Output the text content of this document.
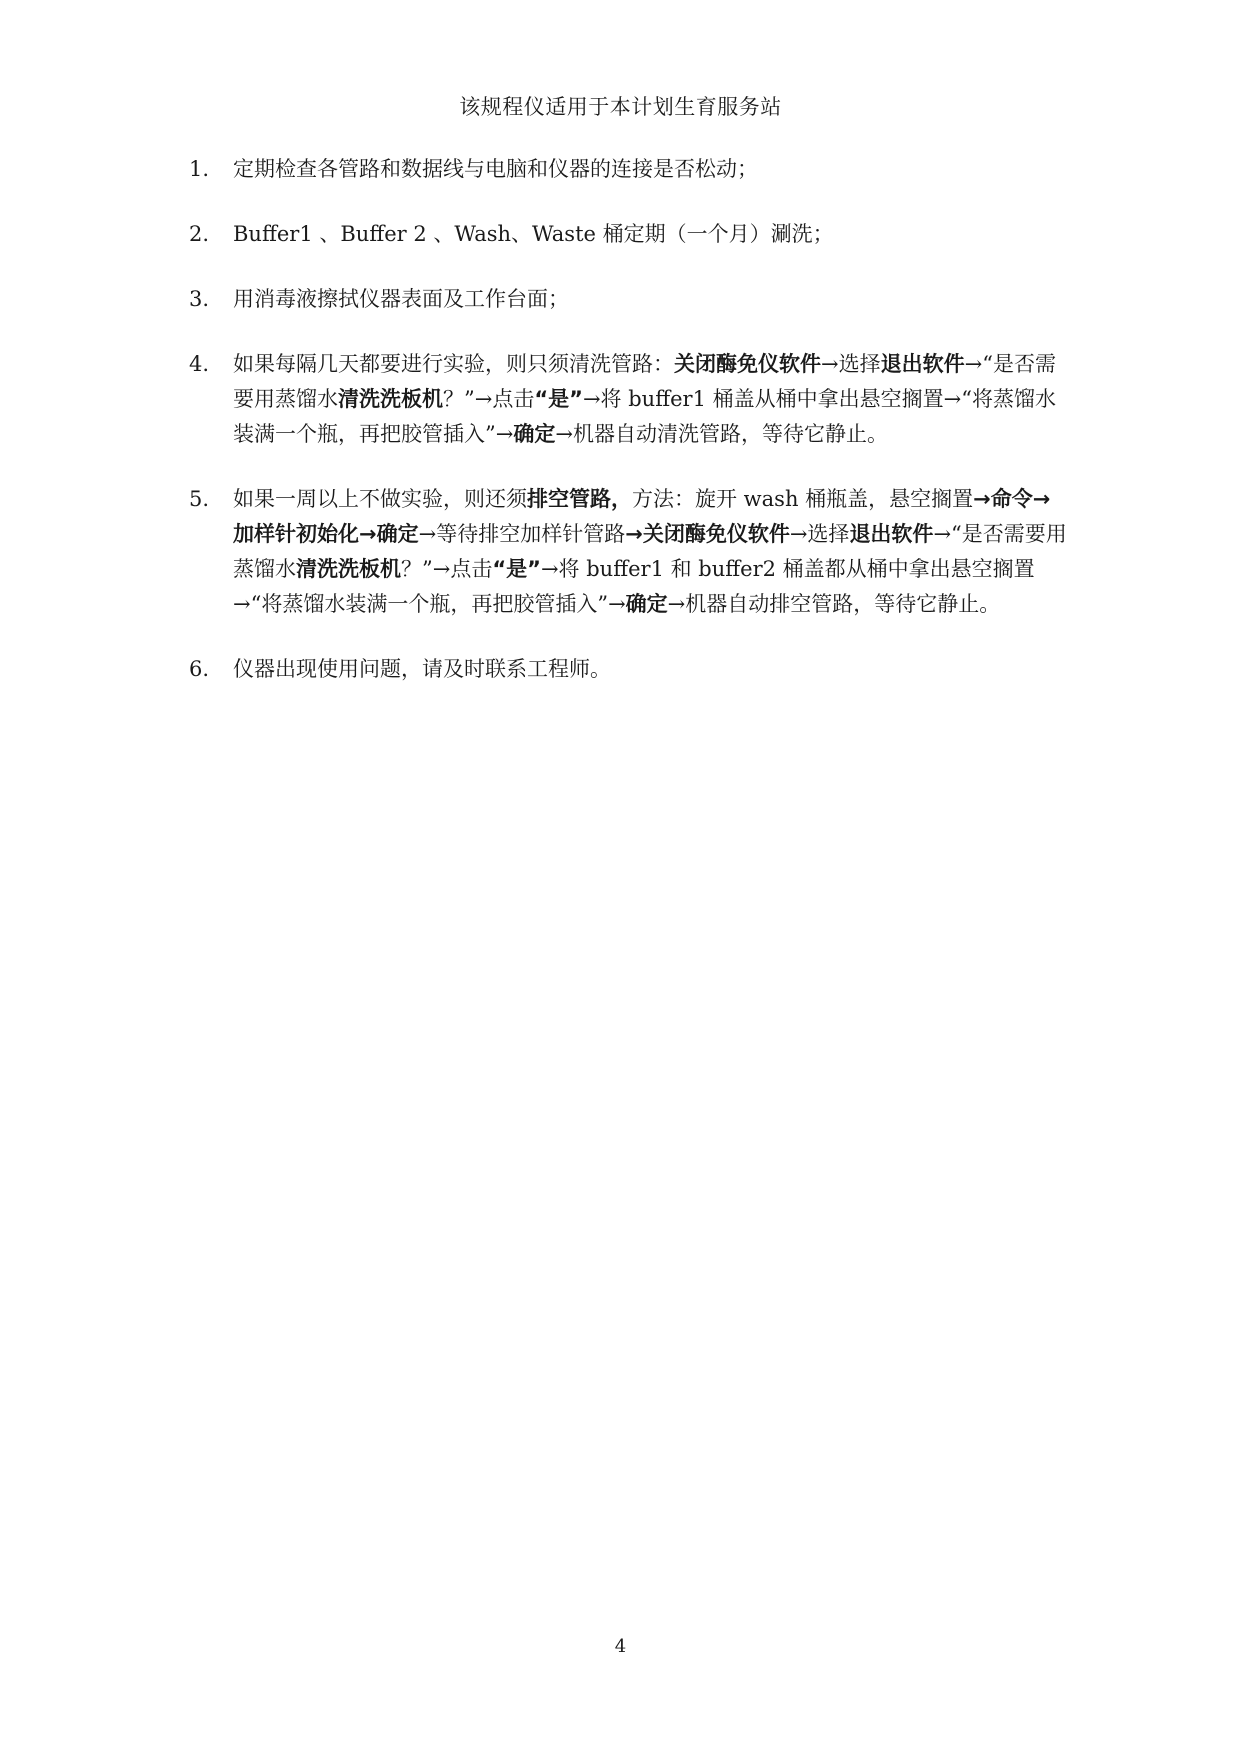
该规程仪适用于本计划生育服务站
1. 定期检查各管路和数据线与电脑和仪器的连接是否松动；
2. Buffer1 、Buffer 2 、Wash、Waste 桶定期（一个月）涮洗；
3. 用消毒液擦拭仪器表面及工作台面；
4. 如果每隔几天都要进行实验，则只须清洗管路：关闭酶免仪软件→选择退出软件→“是否需要用蒸馏水清洗洗板机？”→点击“是”→将 buffer1 桶盖从桶中拿出悬空搁置→“将蒸馏水装满一个瓶，再把胶管插入”→确定→机器自动清洗管路，等待它静止。
5. 如果一周以上不做实验，则还须排空管路，方法：旋开 wash 桶瓶盖，悬空搁置→命令→加样针初始化→确定→等待排空加样针管路→关闭酶免仪软件→选择退出软件→“是否需要用蒸馏水清洗洗板机？”→点击“是”→将 buffer1 和 buffer2 桶盖都从桶中拿出悬空搁置→“将蒸馏水装满一个瓶，再把胶管插入”→确定→机器自动排空管路，等待它静止。
6. 仪器出现使用问题，请及时联系工程师。
4
